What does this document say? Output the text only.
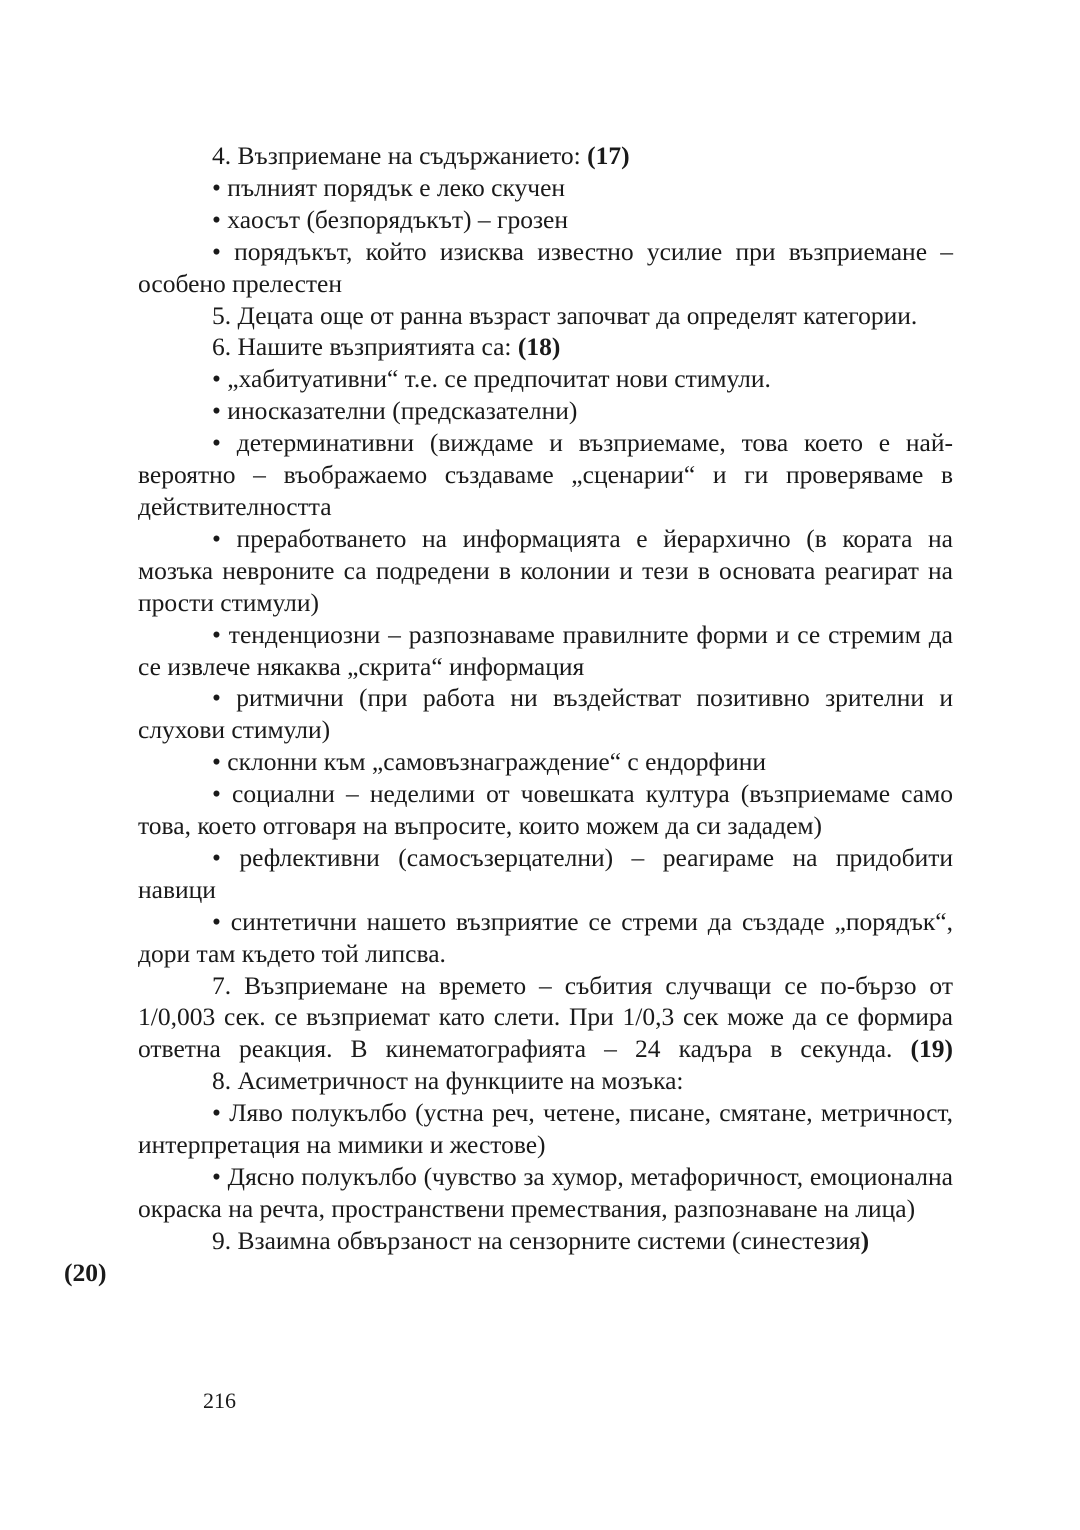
4. Възприемане на съдържанието: (17)

• пълният порядък е леко скучен

• хаосът (безпорядъкът) – грозен

• порядъкът, който изисква известно усилие при възприемане – особено прелестен

5. Децата още от ранна възраст започват да определят категории.

6. Нашите възприятията са: (18)

• „хабитуативни“ т.е. се предпочитат нови стимули.

• иносказателни (предсказателни)

• детерминативни (виждаме и възприемаме, това което е най-вероятно – въображаемо създаваме „сценарии“ и ги проверяваме в действителността

• преработването на информацията е йерархично (в кората на мозъка невроните са подредени в колонии и тези в основата реагират на прости стимули)

• тенденциозни – разпознаваме правилните форми и се стремим да се извлече някаква „скрита“ информация

• ритмични (при работа ни въздействат позитивно зрителни и слухови стимули)

• склонни към „самовъзнаграждение“ с ендорфини

• социални – неделими от човешката култура (възприемаме само това, което отговаря на въпросите, които можем да си зададем)

• рефлективни (самосъзерцателни) – реагираме на придобити навици

• синтетични нашето възприятие се стреми да създаде „порядък“, дори там където той липсва.

7. Възприемане на времето – събития случващи се по-бързо от 1/0,003 сек. се възприемат като слети. При 1/0,3 сек може да се формира ответна реакция. В кинематографията – 24 кадъра в секунда. (19)

8. Асиметричност на функциите на мозъка:

• Ляво полукълбо (устна реч, четене, писане, смятане, метричност, интерпретация на мимики и жестове)

• Дясно полукълбо (чувство за хумор, метафоричност, емоционална окраска на речта, пространствени премествания, разпознаване на лица)

9. Взаимна обвързаност на сензорните системи (синестезия)
(20)

216
